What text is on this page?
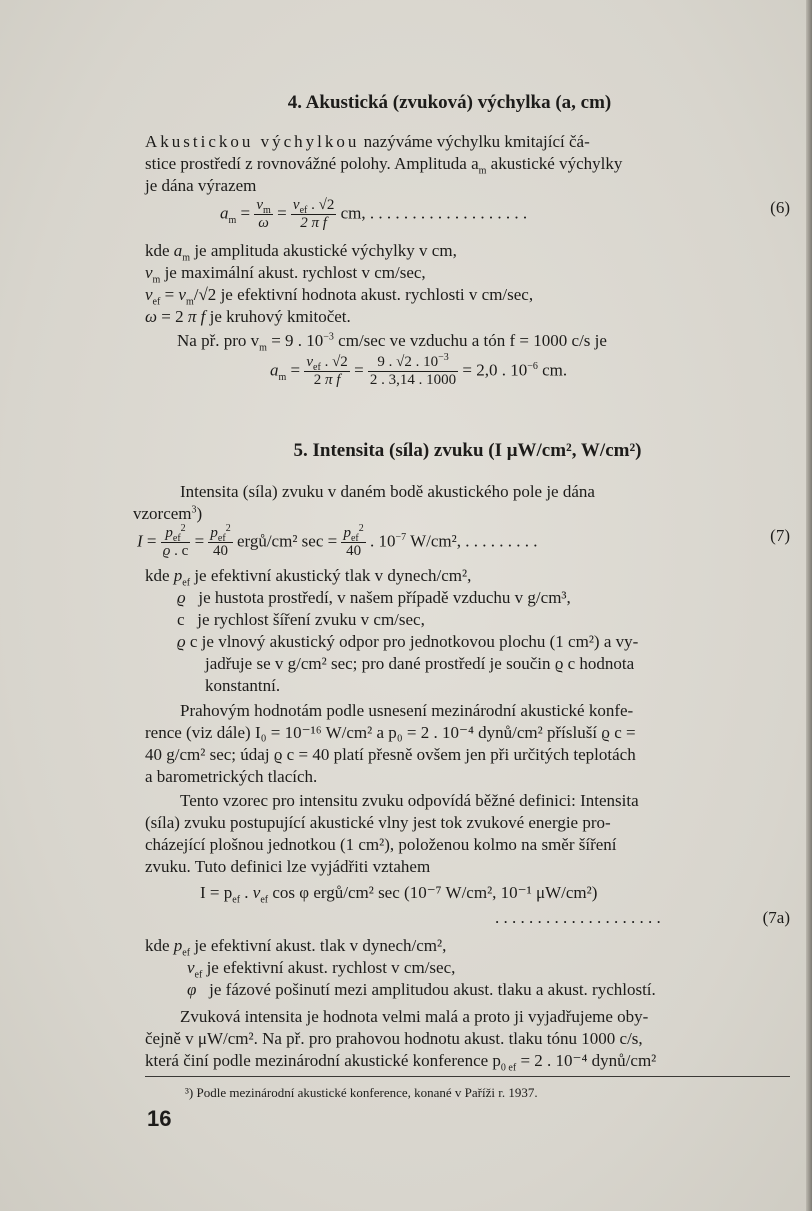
4. Akustická (zvuková) výchylka (a, cm)
Akustickou výchylkou nazýváme výchylku kmitající čá-
stice prostředí z rovnovážné polohy. Amplituda $a_m$ akustické výchylky
je dána výrazem
$a_m = \frac{v_m}{\omega} = \frac{v_{ef} . √2}{\text{2 π f}}$ cm, . . . . . . . . . . . . . . . . . . .	(6)
kde $a_m$ je amplituda akustické výchylky v cm,
$v_m$ je maximální akust. rychlost v cm/sec,
$v_{ef} = v_m/√2$ je efektivní hodnota akust. rychlosti v cm/sec,
ω = 2 π f je kruhový kmitočet.
Na př. pro $v_m = 9$ . $10^{-3}$ cm/sec ve vzduchu a tón f = 1000 c/s je
$a_m = \frac{v_{ef} . √2}{\text{2 π f}} = \frac{9 . √2 . 10^{-3}}{2 . 3,14 . 1000} = 2,0$ . $10^{-6}$ cm.
5. Intensita (síla) zvuku (I μW/cm², W/cm²)
Intensita (síla) zvuku v daném bodě akustického pole je dána
vzorcem$^3$)
$I = \frac{p_{ef}^2}{ϱ . c} = \frac{p_{ef}^2}{40}$ ergů/cm² $\sec = \frac{p_{ef}^2}{40}$ . $10^{-7}$ W/cm², . . . . . . . . .	(7)
kde $p_{ef}$ je efektivní akustický tlak v dynech/cm²,
ϱ je hustota prostředí, v našem případě vzduchu v g/cm³,
c   je rychlost šíření zvuku v cm/sec,
ϱ c je vlnový akustický odpor pro jednotkovou plochu (1 cm²) a vy-
jadřuje se v g/cm² sec; pro dané prostředí je součin ϱ c hodnota
konstantní.
Prahovým hodnotám podle usnesení mezinárodní akustické konfe-
rence (viz dále) I₀ = 10⁻¹⁶ W/cm² a p₀ = 2 . 10⁻⁴ dynů/cm² přísluší ϱ c =
40 g/cm² sec; údaj ϱ c = 40 platí přesně ovšem jen při určitých teplotách
a barometrických tlacích.
Tento vzorec pro intensitu zvuku odpovídá běžné definici: Intensita
(síla) zvuku postupující akustické vlny jest tok zvukové energie pro-
cházející plošnou jednotkou (1 cm²), položenou kolmo na směr šíření
zvuku. Tuto definici lze vyjádřiti vztahem
$I = p_{ef}$ . $v_{ef}$ cos φ ergů/cm² sec (10⁻⁷ W/cm², 10⁻¹ μW/cm²)
. . . . . . . . . . . . . . . . . . . .	(7a)
kde $p_{ef}$ je efektivní akust. tlak v dynech/cm²,
$v_{ef}$ je efektivní akust. rychlost v cm/sec,
φ je fázové pošinutí mezi amplitudou akust. tlaku a akust. rychlostí.
Zvuková intensita je hodnota velmi malá a proto ji vyjadřujeme oby-
čejně v μW/cm². Na př. pro prahovou hodnotu akust. tlaku tónu 1000 c/s,
která činí podle mezinárodní akustické konference $p_{0 ef} = 2$ . 10⁻⁴ dynů/cm²
³) Podle mezinárodní akustické konference, konané v Paříži r. 1937.
16
